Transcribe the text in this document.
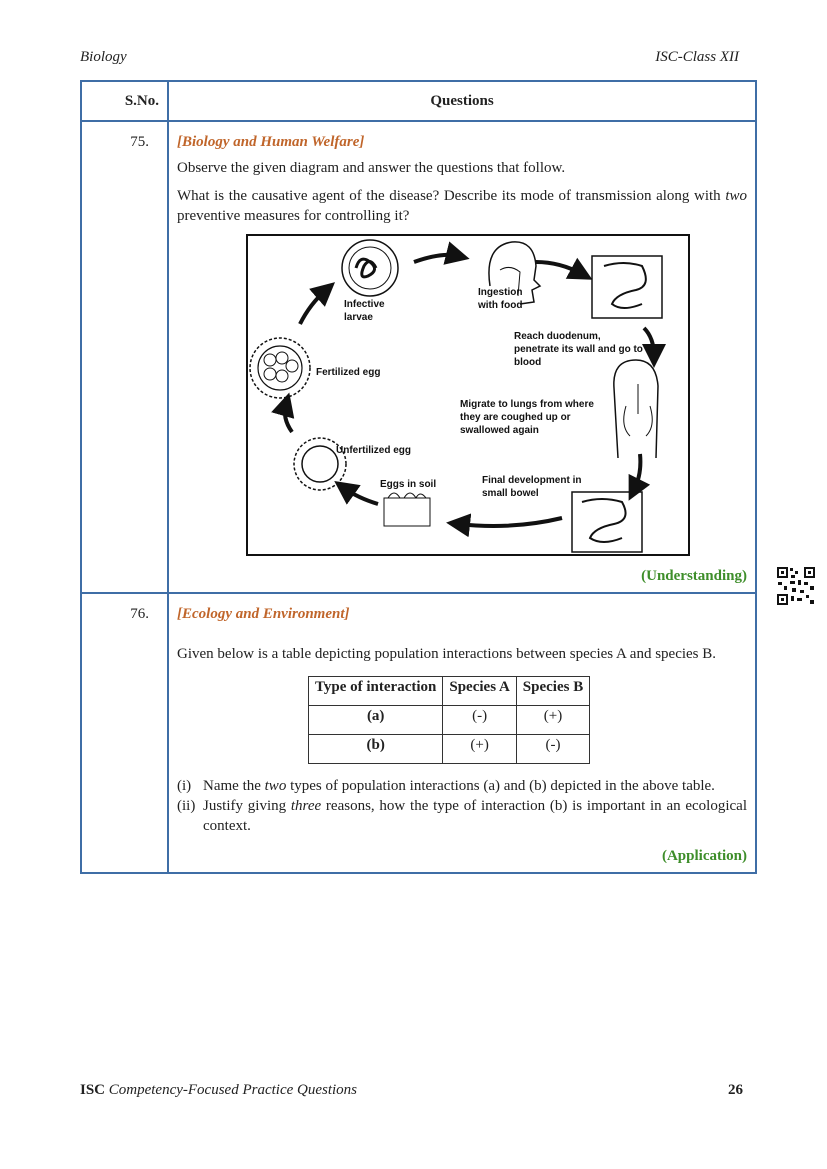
Biology	ISC-Class XII
S.No.	Questions
75.	[Biology and Human Welfare]

Observe the given diagram and answer the questions that follow.

What is the causative agent of the disease? Describe its mode of transmission along with two preventive measures for controlling it?

Infective larvae
Ingestion with food
Reach duodenum, penetrate its wall and go to blood
Fertilized egg
Migrate to lungs from where they are coughed up or swallowed again
Unfertilized egg
Eggs in soil	Final development in small bowel
(Understanding)

76.	[Ecology and Environment]

Given below is a table depicting population interactions between species A and species B.

Type of interaction	Species A	Species B
(a)	(-)	(+)
(b)	(+)	(-)
(i) Name the two types of population interactions (a) and (b) depicted in the above table.
(ii) Justify giving three reasons, how the type of interaction (b) is important in an ecological context.
(Application)
ISC Competency-Focused Practice Questions	26
